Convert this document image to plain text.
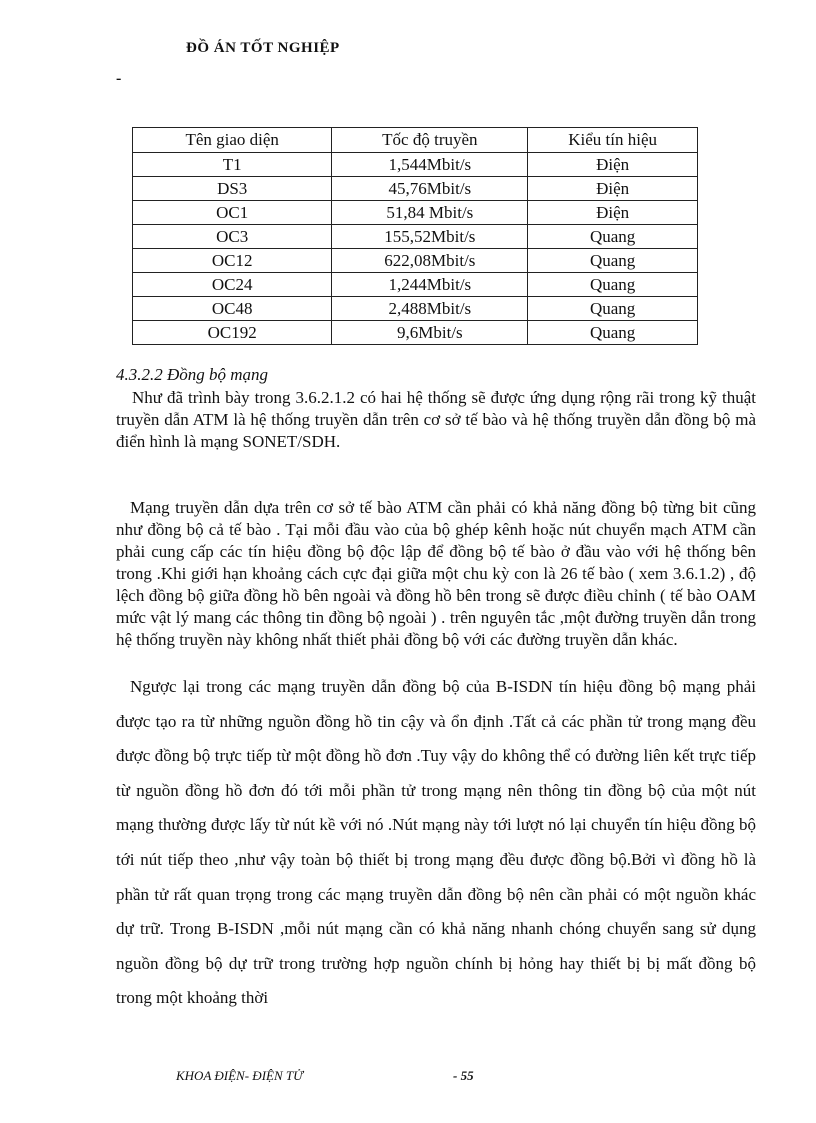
ĐỒ ÁN TỐT NGHIỆP
-
Tên giao diện	Tốc độ truyền	Kiểu tín hiệu
T1	1,544Mbit/s	Điện
DS3	45,76Mbit/s	Điện
OC1	51,84 Mbit/s	Điện
OC3	155,52Mbit/s	Quang
OC12	622,08Mbit/s	Quang
OC24	1,244Mbit/s	Quang
OC48	2,488Mbit/s	Quang
OC192	9,6Mbit/s	Quang
4.3.2.2 Đồng bộ mạng

Như đã trình bày trong 3.6.2.1.2 có hai hệ thống sẽ được ứng dụng rộng rãi trong kỹ thuật truyền dẫn ATM là hệ thống truyền dẫn trên cơ sở tế bào và hệ thống truyền dẫn đồng bộ mà điển hình là mạng SONET/SDH.

Mạng truyền dẫn dựa trên cơ sở tế bào ATM cần phải có khả năng đồng bộ từng bit cũng như đồng bộ cả tế bào . Tại mỗi đầu vào của bộ ghép kênh hoặc nút chuyển mạch ATM cần phải cung cấp các tín hiệu đồng bộ độc lập để đồng bộ tế bào ở đầu vào với hệ thống bên trong .Khi giới hạn khoảng cách cực đại giữa một chu kỳ con là 26 tế bào ( xem 3.6.1.2) , độ lệch đồng bộ giữa đồng hồ bên ngoài và đồng hồ bên trong sẽ được điều chỉnh ( tế bào OAM mức vật lý mang các thông tin đồng bộ ngoài ) . trên nguyên tắc ,một đường truyền dẫn trong hệ thống truyền này không nhất thiết phải đồng bộ với các đường truyền dẫn khác.

Ngược lại trong các mạng truyền dẫn đồng bộ của B-ISDN tín hiệu đồng bộ mạng phải được tạo ra từ những nguồn đồng hồ tin cậy và ổn định .Tất cả các phần tử trong mạng đều được đồng bộ trực tiếp từ một đồng hồ đơn .Tuy vậy do không thể có đường liên kết trực tiếp từ nguồn đồng hồ đơn đó tới mỗi phần tử trong mạng nên thông tin đồng bộ của một nút mạng thường được lấy từ nút kề với nó .Nút mạng này tới lượt nó lại chuyển tín hiệu đồng bộ tới nút tiếp theo ,như vậy toàn bộ thiết bị trong mạng đều được đồng bộ.Bởi vì đồng hồ là phần tử rất quan trọng trong các mạng truyền dẫn đồng bộ nên cần phải có một nguồn khác dự trữ. Trong B-ISDN ,mỗi nút mạng cần có khả năng nhanh chóng chuyển sang sử dụng nguồn đồng bộ dự trữ trong trường hợp nguồn chính bị hỏng hay thiết bị bị mất đồng bộ trong một khoảng thời

KHOA ĐIỆN- ĐIỆN TỬ	- 55
